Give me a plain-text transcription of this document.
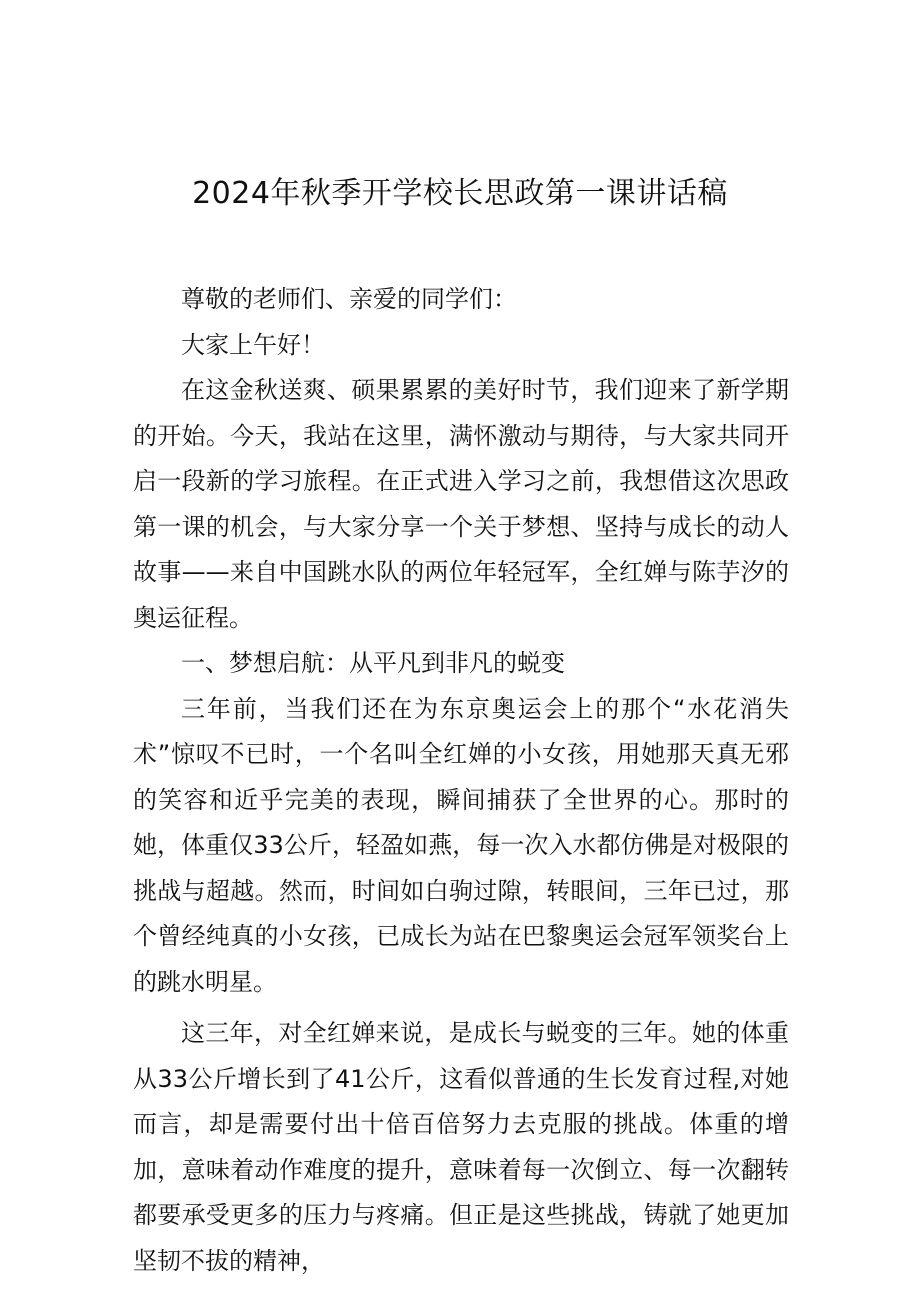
2024年秋季开学校长思政第一课讲话稿

尊敬的老师们、亲爱的同学们：

大家上午好！

在这金秋送爽、硕果累累的美好时节，我们迎来了新学期的开始。今天，我站在这里，满怀激动与期待，与大家共同开启一段新的学习旅程。在正式进入学习之前，我想借这次思政第一课的机会，与大家分享一个关于梦想、坚持与成长的动人故事——来自中国跳水队的两位年轻冠军，全红婵与陈芋汐的奥运征程。

一、梦想启航：从平凡到非凡的蜕变

三年前，当我们还在为东京奥运会上的那个“水花消失术”惊叹不已时，一个名叫全红婵的小女孩，用她那天真无邪的笑容和近乎完美的表现，瞬间捕获了全世界的心。那时的她，体重仅33公斤，轻盈如燕，每一次入水都仿佛是对极限的挑战与超越。然而，时间如白驹过隙，转眼间，三年已过，那个曾经纯真的小女孩，已成长为站在巴黎奥运会冠军领奖台上的跳水明星。

这三年，对全红婵来说，是成长与蜕变的三年。她的体重从33公斤增长到了41公斤，这看似普通的生长发育过程,对她而言，却是需要付出十倍百倍努力去克服的挑战。体重的增加，意味着动作难度的提升，意味着每一次倒立、每一次翻转都要承受更多的压力与疼痛。但正是这些挑战，铸就了她更加坚韧不拔的精神，
